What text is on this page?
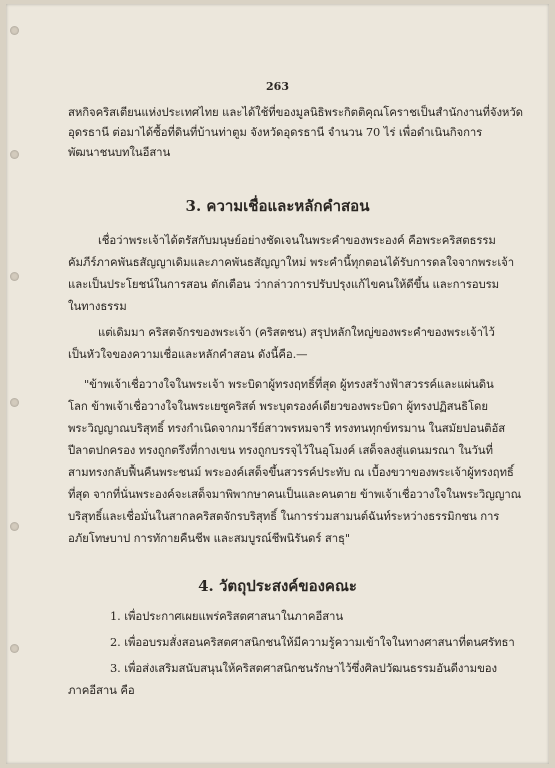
263
สหกิจคริสเตียนแห่งประเทศไทย และได้ใช้ที่ของมูลนิธิพระกิตติคุณโคราชเป็นสำนักงานที่จังหวัด
อุดรธานี ต่อมาได้ซื้อที่ดินที่บ้านท่าตูม จังหวัดอุดรธานี จำนวน 70 ไร่ เพื่อดำเนินกิจการ
พัฒนาชนบทในอีสาน
3. ความเชื่อและหลักคำสอน
เชื่อว่าพระเจ้าได้ตรัสกับมนุษย์อย่างชัดเจนในพระคำของพระองค์ คือพระคริสตธรรม
คัมภีร์ภาคพันธสัญญาเดิมและภาคพันธสัญญาใหม่ พระคำนี้ทุกตอนได้รับการดลใจจากพระเจ้า
และเป็นประโยชน์ในการสอน ตักเตือน ว่ากล่าวการปรับปรุงแก้ไขคนให้ดีขึ้น และการอบรม
ในทางธรรม
แต่เดิมมา คริสตจักรของพระเจ้า (คริสตชน) สรุปหลักใหญ่ของพระคำของพระเจ้าไว้
เป็นหัวใจของความเชื่อและหลักคำสอน ดังนี้คือ.—
"ข้าพเจ้าเชื่อวางใจในพระเจ้า พระบิดาผู้ทรงฤทธิ์ที่สุด ผู้ทรงสร้างฟ้าสวรรค์และแผ่นดิน
โลก ข้าพเจ้าเชื่อวางใจในพระเยซูคริสต์ พระบุตรองค์เดียวของพระบิดา ผู้ทรงปฏิสนธิโดย
พระวิญญาณบริสุทธิ์ ทรงกำเนิดจากมารีย์สาวพรหมจารี ทรงทนทุกข์ทรมาน ในสมัยปอนติอัส
ปีลาตปกครอง ทรงถูกตรึงที่กางเขน ทรงถูกบรรจุไว้ในอุโมงค์ เสด็จลงสู่แดนมรณา ในวันที่
สามทรงกลับฟื้นคืนพระชนม์ พระองค์เสด็จขึ้นสวรรค์ประทับ ณ เบื้องขวาของพระเจ้าผู้ทรงฤทธิ์
ที่สุด จากที่นั่นพระองค์จะเสด็จมาพิพากษาคนเป็นและคนตาย ข้าพเจ้าเชื่อวางใจในพระวิญญาณ
บริสุทธิ์และเชื่อมั่นในสากลคริสตจักรบริสุทธิ์ ในการร่วมสามนต์ฉันท์ระหว่างธรรมิกชน การ
อภัยโทษบาป การทักายคืนชีพ และสมบูรณ์ชีพนิรันดร์ สาธุ"
4. วัตถุประสงค์ของคณะ
1. เพื่อประกาศเผยแพร่คริสตศาสนาในภาคอีสาน
2. เพื่ออบรมสั่งสอนคริสตศาสนิกชนให้มีความรู้ความเข้าใจในทางศาสนาที่ตนศรัทธา
3. เพื่อส่งเสริมสนับสนุนให้คริสตศาสนิกชนรักษาไว้ซึ่งศิลปวัฒนธรรมอันดีงามของ
ภาคอีสาน คือ
